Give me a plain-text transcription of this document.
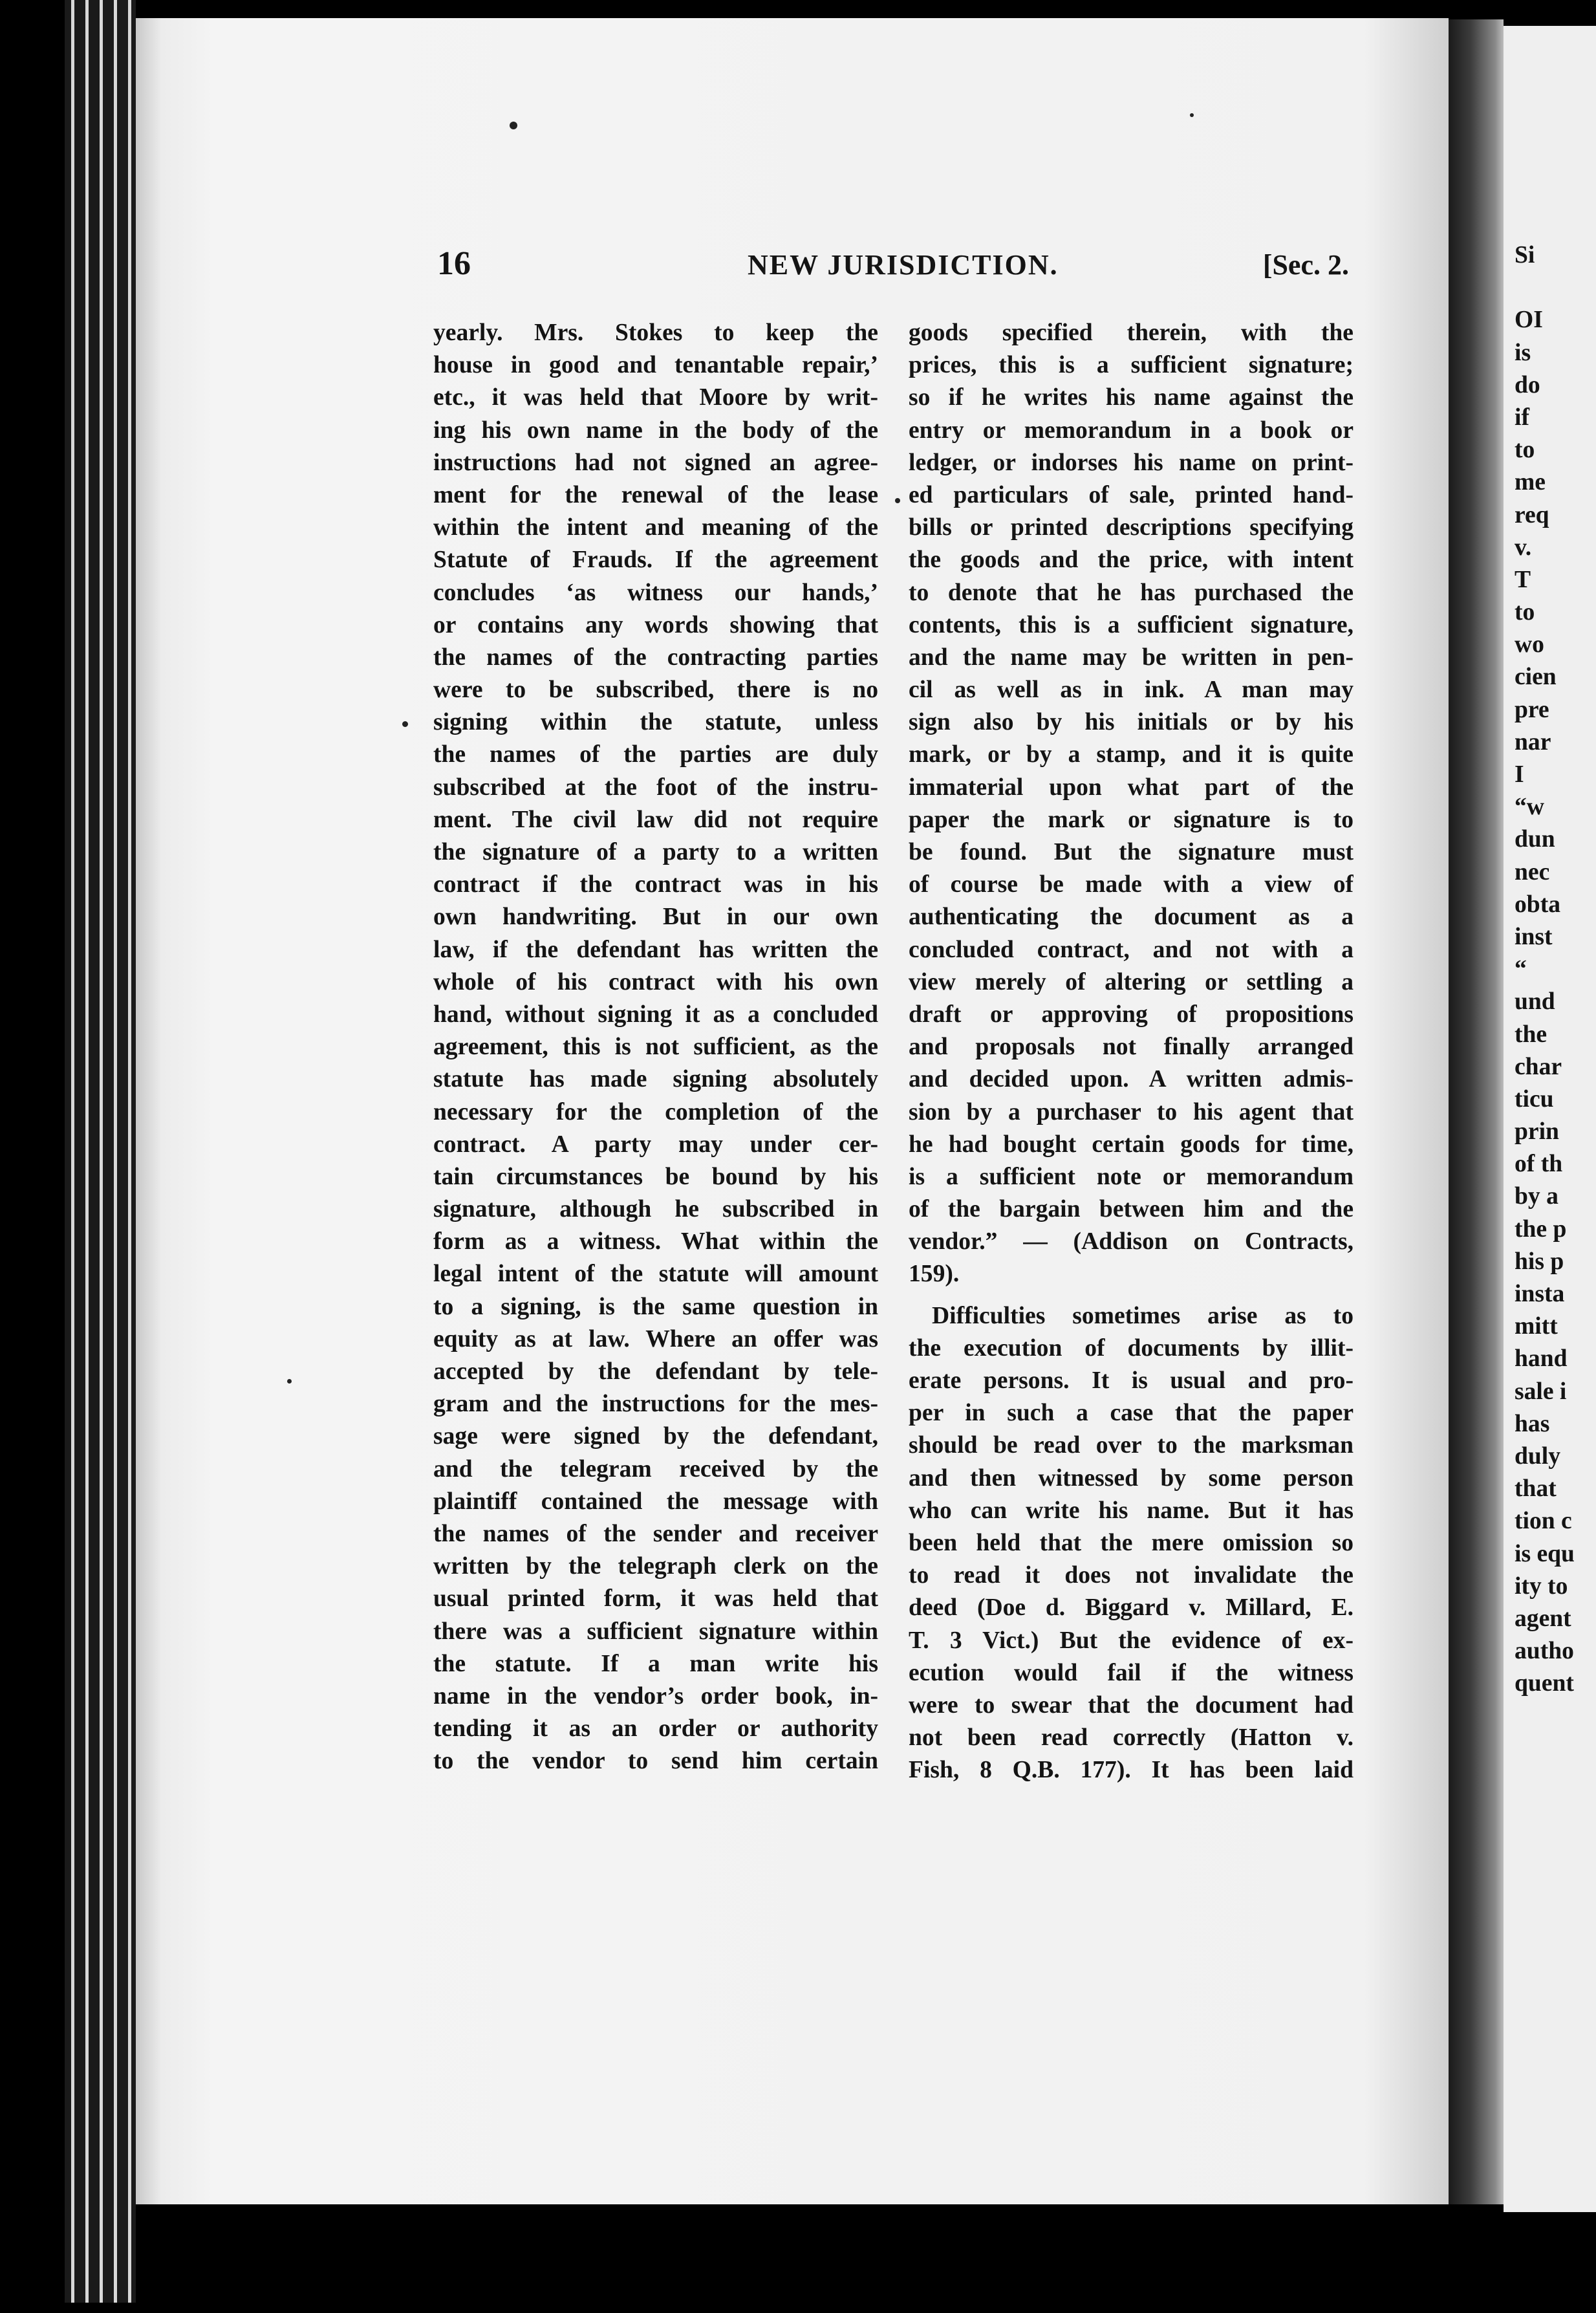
16	NEW JURISDICTION.	[Sec. 2.
yearly. Mrs. Stokes to keep the
house in good and tenantable repair,’
etc., it was held that Moore by writ-
ing his own name in the body of the
instructions had not signed an agree-
ment for the renewal of the lease
within the intent and meaning of the
Statute of Frauds. If the agreement
concludes ‘as witness our hands,’
or contains any words showing that
the names of the contracting parties
were to be subscribed, there is no
signing within the statute, unless
the names of the parties are duly
subscribed at the foot of the instru-
ment. The civil law did not require
the signature of a party to a written
contract if the contract was in his
own handwriting. But in our own
law, if the defendant has written the
whole of his contract with his own
hand, without signing it as a concluded
agreement, this is not sufficient, as the
statute has made signing absolutely
necessary for the completion of the
contract. A party may under cer-
tain circumstances be bound by his
signature, although he subscribed in
form as a witness. What within the
legal intent of the statute will amount
to a signing, is the same question in
equity as at law. Where an offer was
accepted by the defendant by tele-
gram and the instructions for the mes-
sage were signed by the defendant,
and the telegram received by the
plaintiff contained the message with
the names of the sender and receiver
written by the telegraph clerk on the
usual printed form, it was held that
there was a sufficient signature within
the statute. If a man write his
name in the vendor’s order book, in-
tending it as an order or authority
to the vendor to send him certain
goods specified therein, with the
prices, this is a sufficient signature;
so if he writes his name against the
entry or memorandum in a book or
ledger, or indorses his name on print-
ed particulars of sale, printed hand-
bills or printed descriptions specifying
the goods and the price, with intent
to denote that he has purchased the
contents, this is a sufficient signature,
and the name may be written in pen-
cil as well as in ink. A man may
sign also by his initials or by his
mark, or by a stamp, and it is quite
immaterial upon what part of the
paper the mark or signature is to
be found. But the signature must
of course be made with a view of
authenticating the document as a
concluded contract, and not with a
view merely of altering or settling a
draft or approving of propositions
and proposals not finally arranged
and decided upon. A written admis-
sion by a purchaser to his agent that
he had bought certain goods for time,
is a sufficient note or memorandum
of the bargain between him and the
vendor.” — (Addison on Contracts,
159).
Difficulties sometimes arise as to
the execution of documents by illit-
erate persons. It is usual and pro-
per in such a case that the paper
should be read over to the marksman
and then witnessed by some person
who can write his name. But it has
been held that the mere omission so
to read it does not invalidate the
deed (Doe d. Biggard v. Millard, E.
T. 3 Vict.) But the evidence of ex-
ecution would fail if the witness
were to swear that the document had
not been read correctly (Hatton v.
Fish, 8 Q.B. 177). It has been laid
Si
OI
is
do
if
to
me
req
v.
T
to
wo
cien
pre
nar
I
“w
dun
nec
obta
inst
“
und
the
char
ticu
prin
of th
by a
the p
his p
insta
mitt
hand
sale i
has
duly
that
tion c
is equ
ity to
agent
autho
quent
